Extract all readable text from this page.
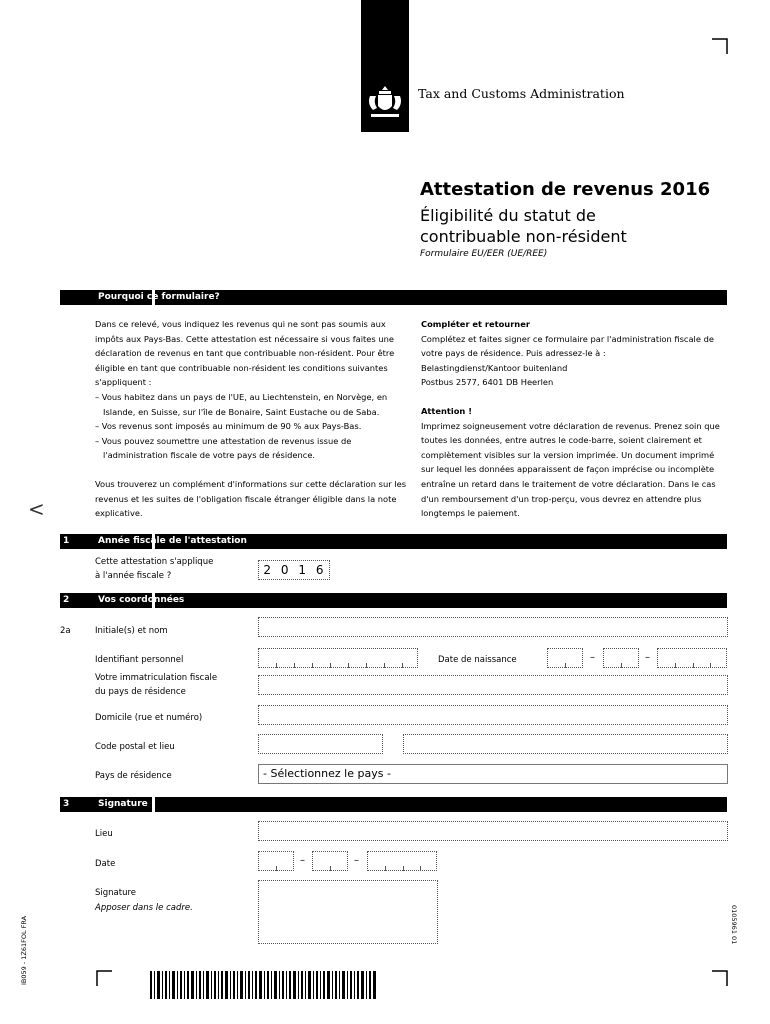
Tax and Customs Administration
<
Attestation de revenus 2016
Éligibilité du statut de contribuable non-résident
Formulaire EU/EER (UE/REE)
Pourquoi ce formulaire?

Dans ce relevé, vous indiquez les revenus qui ne sont pas soumis aux impôts aux Pays-Bas. Cette attestation est nécessaire si vous faites une déclaration de revenus en tant que contribuable non-résident. Pour être éligible en tant que contribuable non-résident les conditions suivantes s'appliquent :

– Vous habitez dans un pays de l'UE, au Liechtenstein, en Norvège, en Islande, en Suisse, sur l'île de Bonaire, Saint Eustache ou de Saba.

– Vos revenus sont imposés au minimum de 90 % aux Pays-Bas.

– Vous pouvez soumettre une attestation de revenus issue de l'administration fiscale de votre pays de résidence.

Vous trouverez un complément d'informations sur cette déclaration sur les revenus et les suites de l'obligation fiscale étranger éligible dans la note explicative.

Compléter et retourner

Complétez et faites signer ce formulaire par l'administration fiscale de votre pays de résidence. Puis adressez-le à :

Belastingdienst/Kantoor buitenland

Postbus 2577, 6401 DB Heerlen

Attention !

Imprimez soigneusement votre déclaration de revenus. Prenez soin que toutes les données, entre autres le code-barre, soient clairement et complètement visibles sur la version imprimée. Un document imprimé sur lequel les données apparaissent de façon imprécise ou incomplète entraîne un retard dans le traitement de votre déclaration. Dans le cas d'un remboursement d'un trop-perçu, vous devrez en attendre plus longtemps le paiement.

1	Année fiscale de l'attestation
Cette attestation s'applique
à l'année fiscale ?	2 0 1 6
2	Vos coordonnées
2a	Initiale(s) et nom
Identifiant personnel	Date de naissance	–	–
Votre immatriculation fiscale
du pays de résidence
Domicile (rue et numéro)
Code postal et lieu
Pays de résidence	- Sélectionnez le pays -
3	Signature
Lieu
Date	–	–
Signature
Apposer dans le cadre.
IB059 - 1Z61FOL FRA	0105961 01
